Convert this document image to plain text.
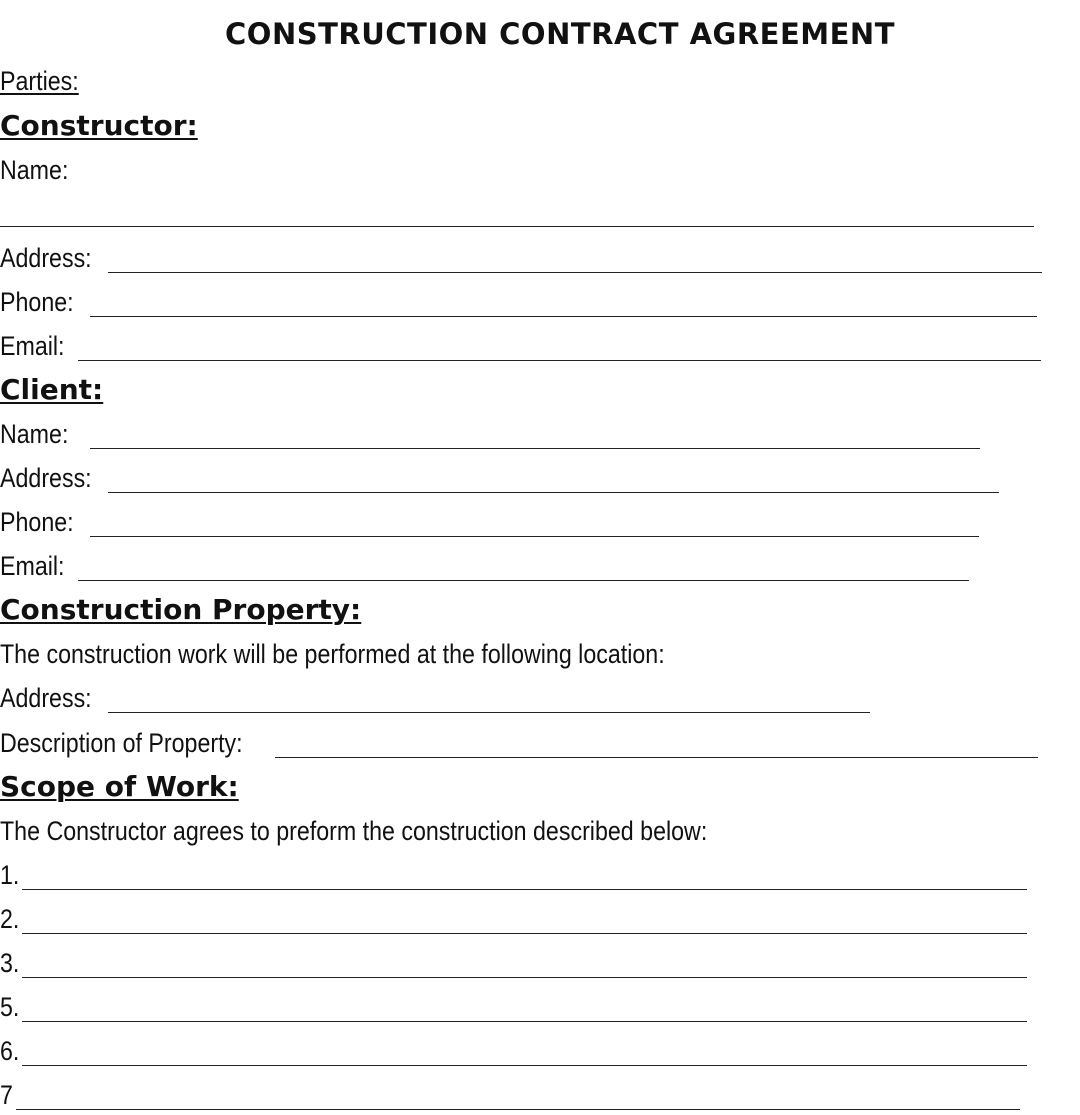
CONSTRUCTION CONTRACT AGREEMENT
Parties:
Constructor:
Name:
Address:
Phone:
Email:
Client:
Name:
Address:
Phone:
Email:
Construction Property:
The construction work will be performed at the following location:
Address:
Description of Property:
Scope of Work:
The Constructor agrees to preform the construction described below:
1.
2.
3.
5.
6.
7
